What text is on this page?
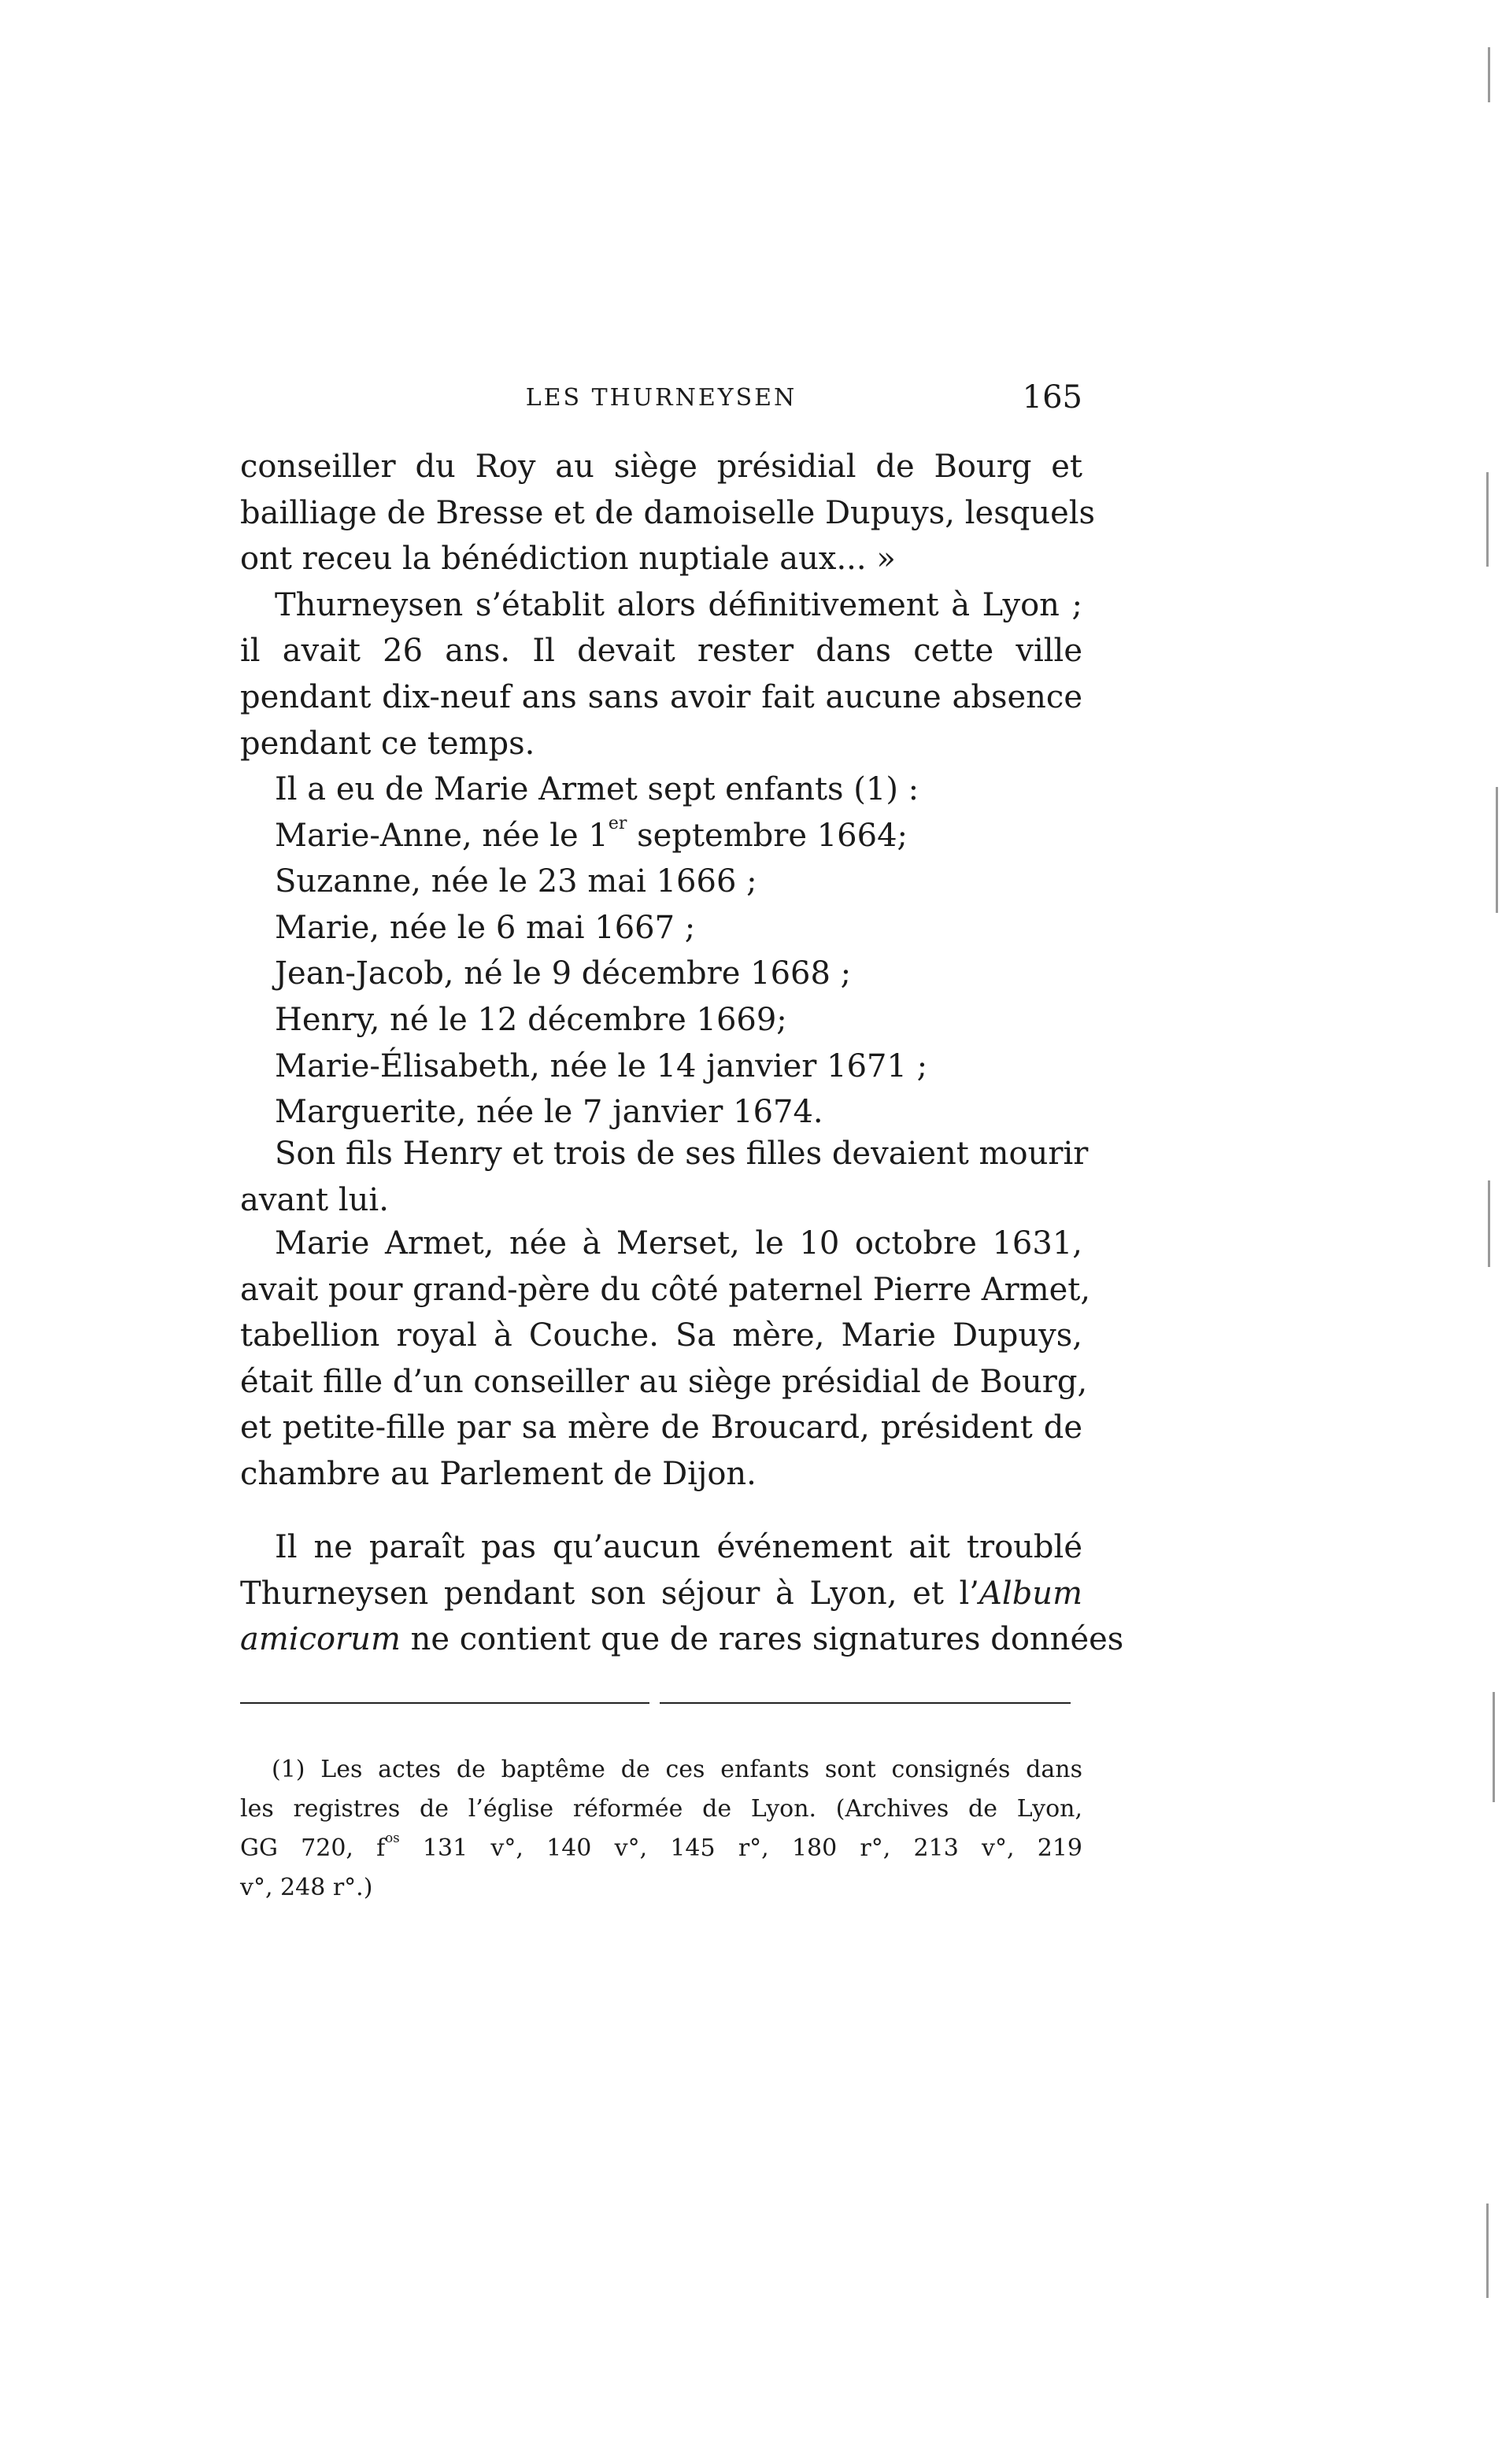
LES THURNEYSEN	165
conseiller du Roy au siège présidial de Bourg et
bailliage de Bresse et de damoiselle Dupuys, lesquels
ont receu la bénédiction nuptiale aux... »
Thurneysen s’établit alors définitivement à Lyon ;
il avait 26 ans. Il devait rester dans cette ville
pendant dix-neuf ans sans avoir fait aucune absence
pendant ce temps.
Il a eu de Marie Armet sept enfants (1) :
Marie-Anne, née le 1er septembre 1664;
Suzanne, née le 23 mai 1666 ;
Marie, née le 6 mai 1667 ;
Jean-Jacob, né le 9 décembre 1668 ;
Henry, né le 12 décembre 1669;
Marie-Élisabeth, née le 14 janvier 1671 ;
Marguerite, née le 7 janvier 1674.
Son fils Henry et trois de ses filles devaient mourir
avant lui.
Marie Armet, née à Merset, le 10 octobre 1631,
avait pour grand-père du côté paternel Pierre Armet,
tabellion royal à Couche. Sa mère, Marie Dupuys,
était fille d’un conseiller au siège présidial de Bourg,
et petite-fille par sa mère de Broucard, président de
chambre au Parlement de Dijon.
Il ne paraît pas qu’aucun événement ait troublé
Thurneysen pendant son séjour à Lyon, et l’Album
amicorum ne contient que de rares signatures données
(1) Les actes de baptême de ces enfants sont consignés dans
les registres de l’église réformée de Lyon. (Archives de Lyon,
GG 720, $f^{os}$ 131 v°, 140 v°, 145 r°, 180 r°, 213 v°, 219
v°, 248 r°.)
